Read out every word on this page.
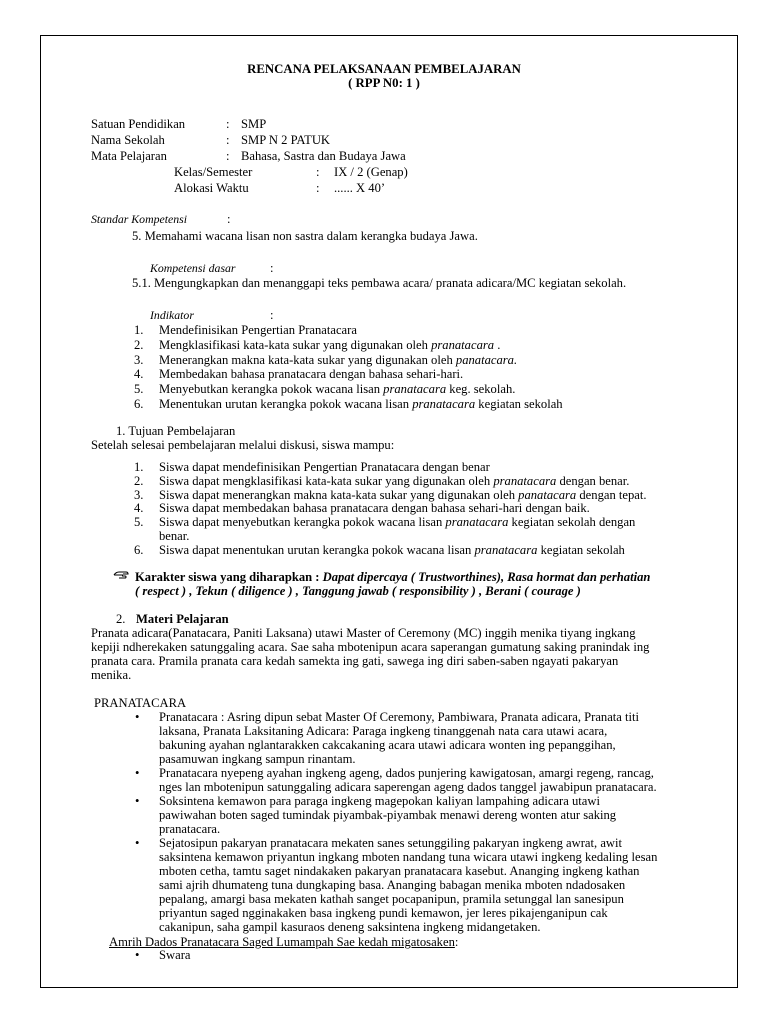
RENCANA PELAKSANAAN PEMBELAJARAN
( RPP N0: 1 )
Satuan Pendidikan	: SMP
Nama Sekolah	: SMP N 2 PATUK
Mata Pelajaran	: Bahasa, Sastra dan Budaya Jawa
Kelas/Semester	: IX / 2 (Genap)
Alokasi Waktu	: ...... X 40’
Standar Kompetensi	:
5. Memahami wacana lisan non sastra dalam kerangka budaya Jawa.
Kompetensi dasar	:
5.1. Mengungkapkan dan menanggapi teks pembawa acara/ pranata adicara/MC kegiatan sekolah.
Indikator	:
1. Mendefinisikan Pengertian Pranatacara
2. Mengklasifikasi kata-kata sukar yang digunakan oleh pranatacara .
3. Menerangkan makna kata-kata sukar yang digunakan oleh panatacara.
4. Membedakan bahasa pranatacara dengan bahasa sehari-hari.
5. Menyebutkan kerangka pokok wacana lisan pranatacara keg. sekolah.
6. Menentukan urutan kerangka pokok wacana lisan pranatacara kegiatan sekolah
1. Tujuan Pembelajaran
Setelah selesai pembelajaran melalui diskusi, siswa mampu:
1. Siswa dapat mendefinisikan Pengertian Pranatacara dengan benar
2. Siswa dapat mengklasifikasi kata-kata sukar yang digunakan oleh pranatacara dengan benar.
3. Siswa dapat menerangkan makna kata-kata sukar yang digunakan oleh panatacara dengan tepat.
4. Siswa dapat membedakan bahasa pranatacara dengan bahasa sehari-hari dengan baik.
5. Siswa dapat menyebutkan kerangka pokok wacana lisan pranatacara kegiatan sekolah dengan
benar.
6. Siswa dapat menentukan urutan kerangka pokok wacana lisan pranatacara kegiatan sekolah
Karakter siswa yang diharapkan : Dapat dipercaya ( Trustworthines), Rasa hormat dan perhatian
( respect ) , Tekun ( diligence ) , Tanggung jawab ( responsibility ) , Berani ( courage )
2. Materi Pelajaran
Pranata adicara(Panatacara, Paniti Laksana) utawi Master of Ceremony (MC) inggih menika tiyang ingkang
kepiji ndherekaken satunggaling acara. Sae saha mbotenipun acara saperangan gumatung saking pranindak ing
pranata cara. Pramila pranata cara kedah samekta ing gati, sawega ing diri saben-saben ngayati pakaryan
menika.
PRANATACARA
• Pranatacara : Asring dipun sebat Master Of Ceremony, Pambiwara, Pranata adicara, Pranata titi
laksana, Pranata Laksitaning Adicara: Paraga ingkeng tinanggenah nata cara utawi acara,
bakuning ayahan nglantarakken cakcakaning acara utawi adicara wonten ing pepanggihan,
pasamuwan ingkang sampun rinantam.
• Pranatacara nyepeng ayahan ingkeng ageng, dados punjering kawigatosan, amargi regeng, rancag,
nges lan mbotenipun satunggaling adicara saperengan ageng dados tanggel jawabipun pranatacara.
• Soksintena kemawon para paraga ingkeng magepokan kaliyan lampahing adicara utawi
pawiwahan boten saged tumindak piyambak-piyambak menawi dereng wonten atur saking
pranatacara.
• Sejatosipun pakaryan pranatacara mekaten sanes setunggiling pakaryan ingkeng awrat, awit
saksintena kemawon priyantun ingkang mboten nandang tuna wicara utawi ingkeng kedaling lesan
mboten cetha, tamtu saget nindakaken pakaryan pranatacara kasebut. Ananging ingkeng kathan
sami ajrih dhumateng tuna dungkaping basa. Ananging babagan menika mboten ndadosaken
pepalang, amargi basa mekaten kathah sanget pocapanipun, pramila setunggal lan sanesipun
priyantun saged ngginakaken basa ingkeng pundi kemawon, jer leres pikajenganipun cak
cakanipun, saha gampil kasuraos deneng saksintena ingkeng midangetaken.
Amrih Dados Pranatacara Saged Lumampah Sae kedah migatosaken:
• Swara
